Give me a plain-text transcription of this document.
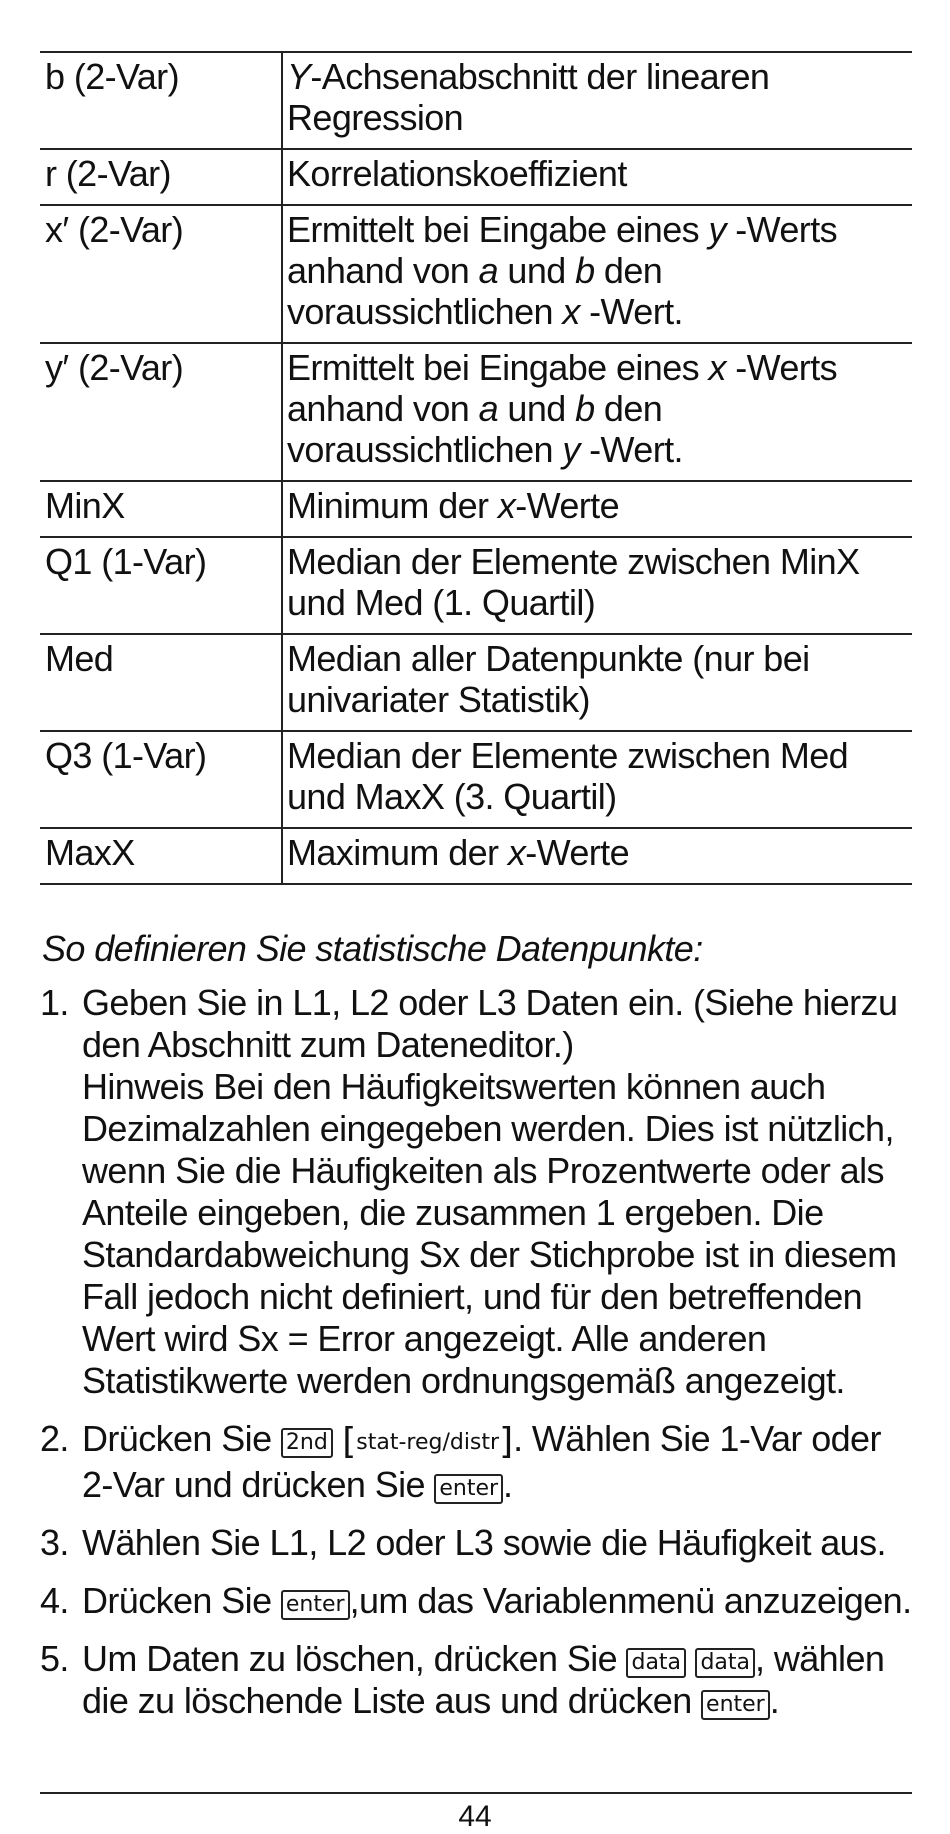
b (2-Var)	Y-Achsenabschnitt der linearen Regression
r (2-Var)	Korrelationskoeffizient
x′ (2-Var)	Ermittelt bei Eingabe eines y -Werts anhand von a und b den voraussichtlichen x -Wert.
y′ (2-Var)	Ermittelt bei Eingabe eines x -Werts anhand von a und b den voraussichtlichen y -Wert.
MinX	Minimum der x-Werte
Q1 (1-Var)	Median der Elemente zwischen MinX und Med (1. Quartil)
Med	Median aller Datenpunkte (nur bei univariater Statistik)
Q3 (1-Var)	Median der Elemente zwischen Med und MaxX (3. Quartil)
MaxX	Maximum der x-Werte
So definieren Sie statistische Datenpunkte:
1. Geben Sie in L1, L2 oder L3 Daten ein. (Siehe hierzu den Abschnitt zum Dateneditor.)
Hinweis Bei den Häufigkeitswerten können auch Dezimalzahlen eingegeben werden. Dies ist nützlich, wenn Sie die Häufigkeiten als Prozentwerte oder als Anteile eingeben, die zusammen 1 ergeben. Die Standardabweichung Sx der Stichprobe ist in diesem Fall jedoch nicht definiert, und für den betreffenden Wert wird Sx = Error angezeigt. Alle anderen Statistikwerte werden ordnungsgemäß angezeigt.
2. Drücken Sie 2nd [stat-reg/distr]. Wählen Sie 1-Var oder 2-Var und drücken Sie enter .
3. Wählen Sie L1, L2 oder L3 sowie die Häufigkeit aus.
4. Drücken Sie enter ,um das Variablenmenü anzuzeigen.
5. Um Daten zu löschen, drücken Sie data data , wählen die zu löschende Liste aus und drücken enter .
44
